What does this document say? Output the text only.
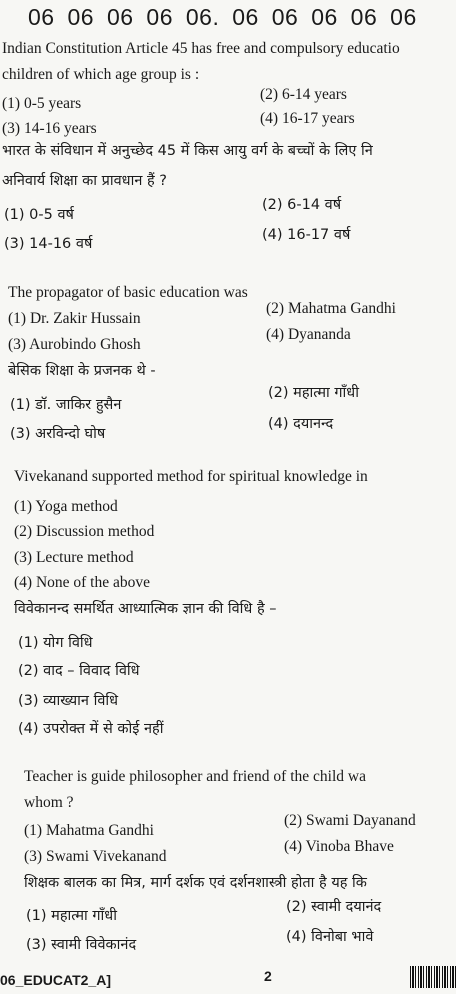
06 06 06 06 06. 06 06 06 06 06
Indian Constitution Article 45 has free and compulsory educatio
children of which age group is :
(1) 0-5 years
(2) 6-14 years
(3) 14-16 years
(4) 16-17 years
भारत के संविधान में अनुच्छेद 45 में किस आयु वर्ग के बच्चों के लिए नि
अनिवार्य शिक्षा का प्रावधान हैं ?
(1) 0-5 वर्ष
(2) 6-14 वर्ष
(3) 14-16 वर्ष
(4) 16-17 वर्ष
The propagator of basic education was
(1) Dr. Zakir Hussain
(2) Mahatma Gandhi
(3) Aurobindo Ghosh
(4) Dyananda
बेसिक शिक्षा के प्रजनक थे -
(1) डॉ. जाकिर हुसैन
(2) महात्मा गाँधी
(3) अरविन्दो घोष
(4) दयानन्द
Vivekanand supported method for spiritual knowledge in
(1) Yoga method
(2) Discussion method
(3) Lecture method
(4) None of the above
विवेकानन्द समर्थित आध्यात्मिक ज्ञान की विधि है –
(1) योग विधि
(2) वाद – विवाद विधि
(3) व्याख्यान विधि
(4) उपरोक्त में से कोई नहीं
Teacher is guide philosopher and friend of the child wa
whom ?
(1) Mahatma Gandhi
(2) Swami Dayanand
(3) Swami Vivekanand
(4) Vinoba Bhave
शिक्षक बालक का मित्र, मार्ग दर्शक एवं दर्शनशास्त्री होता है यह कि
(1) महात्मा गाँधी
(2) स्वामी दयानंद
(3) स्वामी विवेकानंद	(4) विनोबा भावे
06_EDUCAT2_A]	2
